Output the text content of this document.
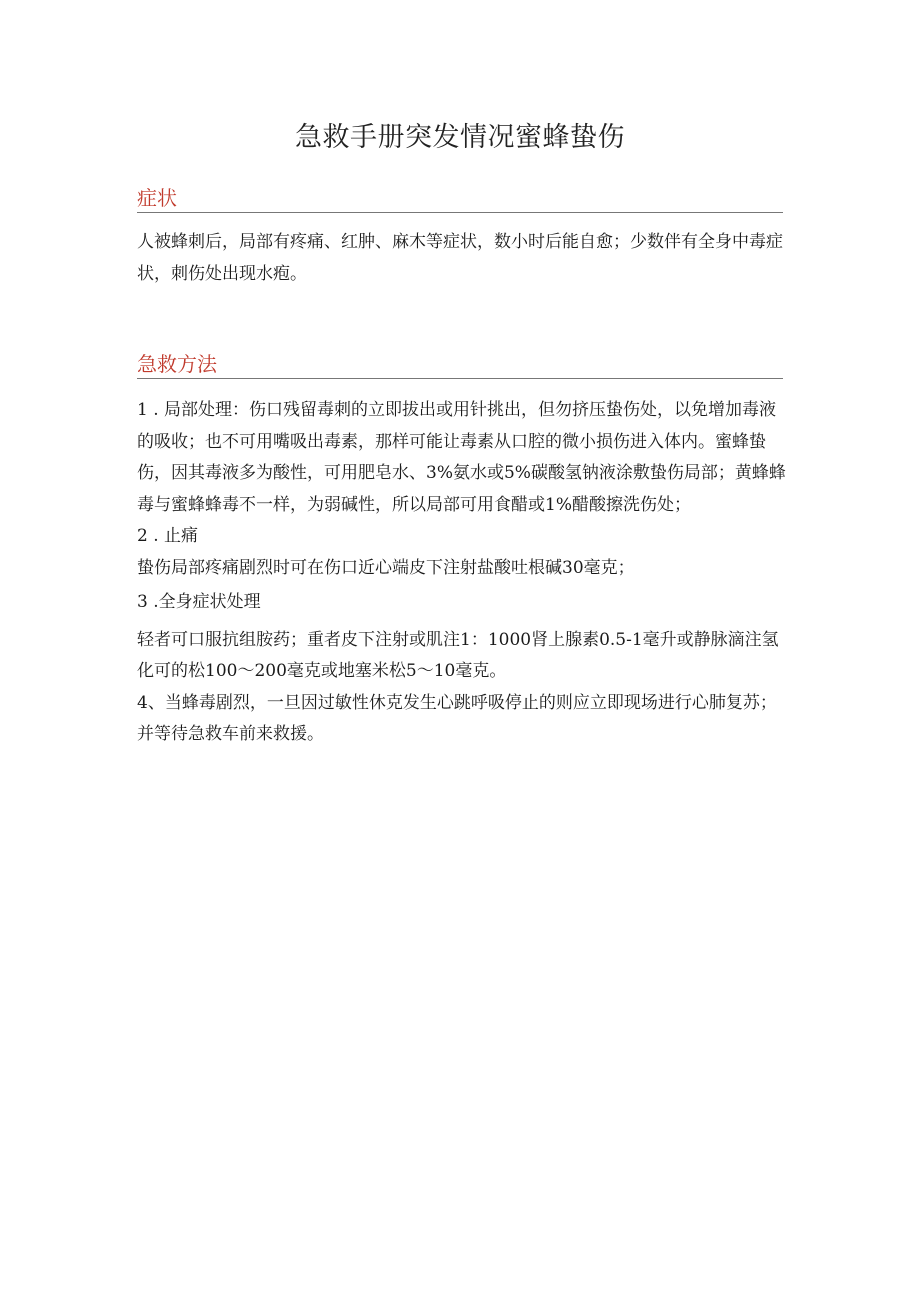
急救手册突发情况蜜蜂蛰伤
症状
人被蜂刺后，局部有疼痛、红肿、麻木等症状，数小时后能自愈；少数伴有全身中毒症状，刺伤处出现水疱。
急救方法

1 . 局部处理：伤口残留毒刺的立即拔出或用针挑出，但勿挤压蛰伤处，以免增加毒液的吸收；也不可用嘴吸出毒素，那样可能让毒素从口腔的微小损伤进入体内。蜜蜂蛰伤，因其毒液多为酸性，可用肥皂水、3%氨水或5%碳酸氢钠液涂敷蛰伤局部；黄蜂蜂毒与蜜蜂蜂毒不一样，为弱碱性，所以局部可用食醋或1%醋酸擦洗伤处；

2 . 止痛

蛰伤局部疼痛剧烈时可在伤口近心端皮下注射盐酸吐根碱30毫克；

3 .全身症状处理

轻者可口服抗组胺药；重者皮下注射或肌注1：1000肾上腺素0.5-1毫升或静脉滴注氢化可的松100～200毫克或地塞米松5～10毫克。

4、当蜂毒剧烈，一旦因过敏性休克发生心跳呼吸停止的则应立即现场进行心肺复苏；并等待急救车前来救援。
